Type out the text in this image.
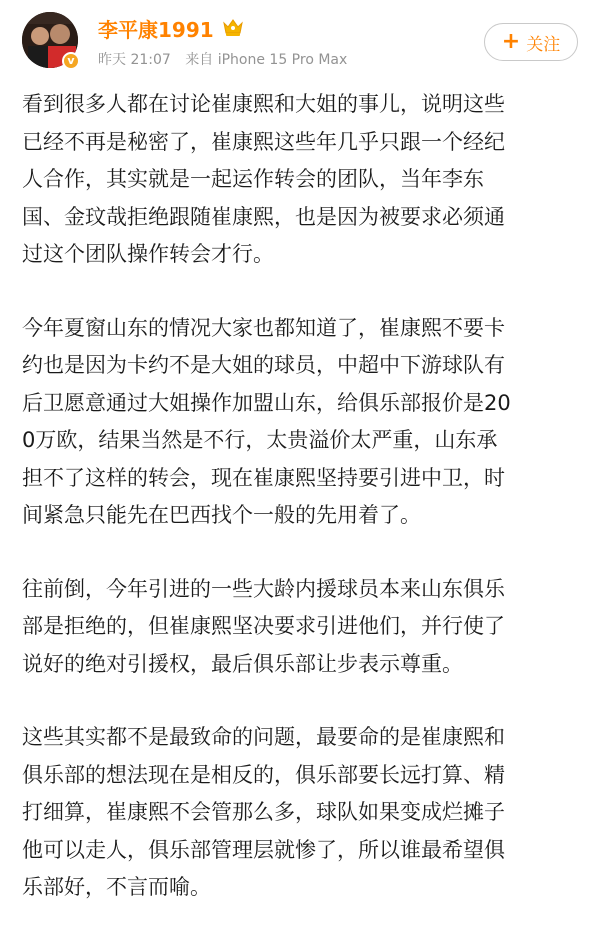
v
李平康1991
昨天 21:07 来自 iPhone 15 Pro Max
+ 关注

看到很多人都在讨论崔康熙和大姐的事儿，说明这些
已经不再是秘密了，崔康熙这些年几乎只跟一个经纪
人合作，其实就是一起运作转会的团队，当年李东
国、金玟哉拒绝跟随崔康熙，也是因为被要求必须通
过这个团队操作转会才行。

今年夏窗山东的情况大家也都知道了，崔康熙不要卡
约也是因为卡约不是大姐的球员，中超中下游球队有
后卫愿意通过大姐操作加盟山东，给俱乐部报价是20
0万欧，结果当然是不行，太贵溢价太严重，山东承
担不了这样的转会，现在崔康熙坚持要引进中卫，时
间紧急只能先在巴西找个一般的先用着了。

往前倒，今年引进的一些大龄内援球员本来山东俱乐
部是拒绝的，但崔康熙坚决要求引进他们，并行使了
说好的绝对引援权，最后俱乐部让步表示尊重。

这些其实都不是最致命的问题，最要命的是崔康熙和
俱乐部的想法现在是相反的，俱乐部要长远打算、精
打细算，崔康熙不会管那么多，球队如果变成烂摊子
他可以走人，俱乐部管理层就惨了，所以谁最希望俱
乐部好，不言而喻。
